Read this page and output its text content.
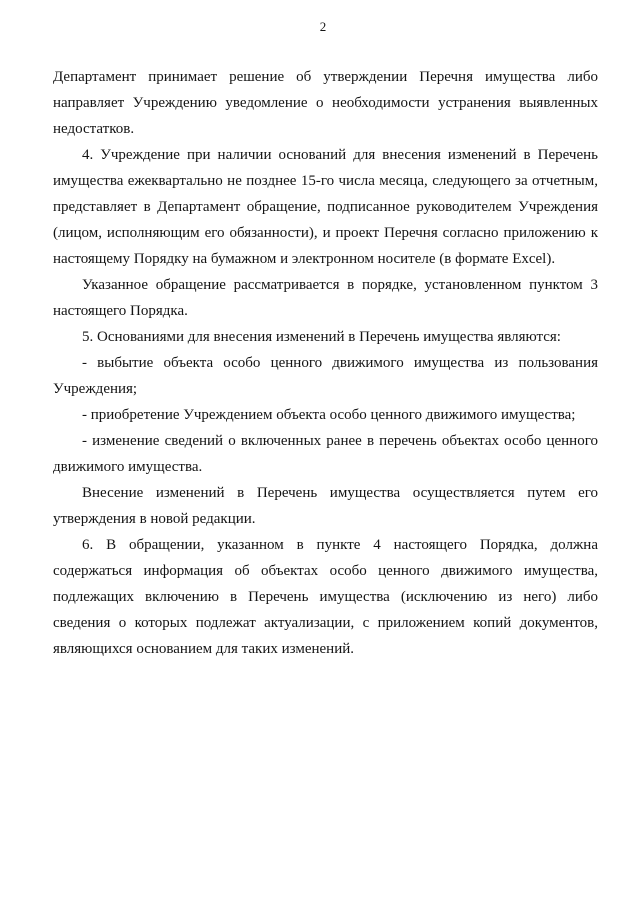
2
Департамент принимает решение об утверждении Перечня имущества либо
направляет Учреждению уведомление о необходимости устранения выявленных
недостатков.
4. Учреждение при наличии оснований для внесения изменений в Перечень
имущества ежеквартально не позднее 15-го числа месяца, следующего за отчетным,
представляет в Департамент обращение, подписанное руководителем Учреждения
(лицом, исполняющим его обязанности), и проект Перечня согласно приложению к
настоящему Порядку на бумажном и электронном носителе (в формате Excel).
Указанное обращение рассматривается в порядке, установленном пунктом 3
настоящего Порядка.
5. Основаниями для внесения изменений в Перечень имущества являются:
- выбытие объекта особо ценного движимого имущества из пользования
Учреждения;
- приобретение Учреждением объекта особо ценного движимого имущества;
- изменение сведений о включенных ранее в перечень объектах особо ценного
движимого имущества.
Внесение изменений в Перечень имущества осуществляется путем его
утверждения в новой редакции.
6. В обращении, указанном в пункте 4 настоящего Порядка, должна
содержаться информация об объектах особо ценного движимого имущества,
подлежащих включению в Перечень имущества (исключению из него) либо
сведения о которых подлежат актуализации, с приложением копий документов,
являющихся основанием для таких изменений.
